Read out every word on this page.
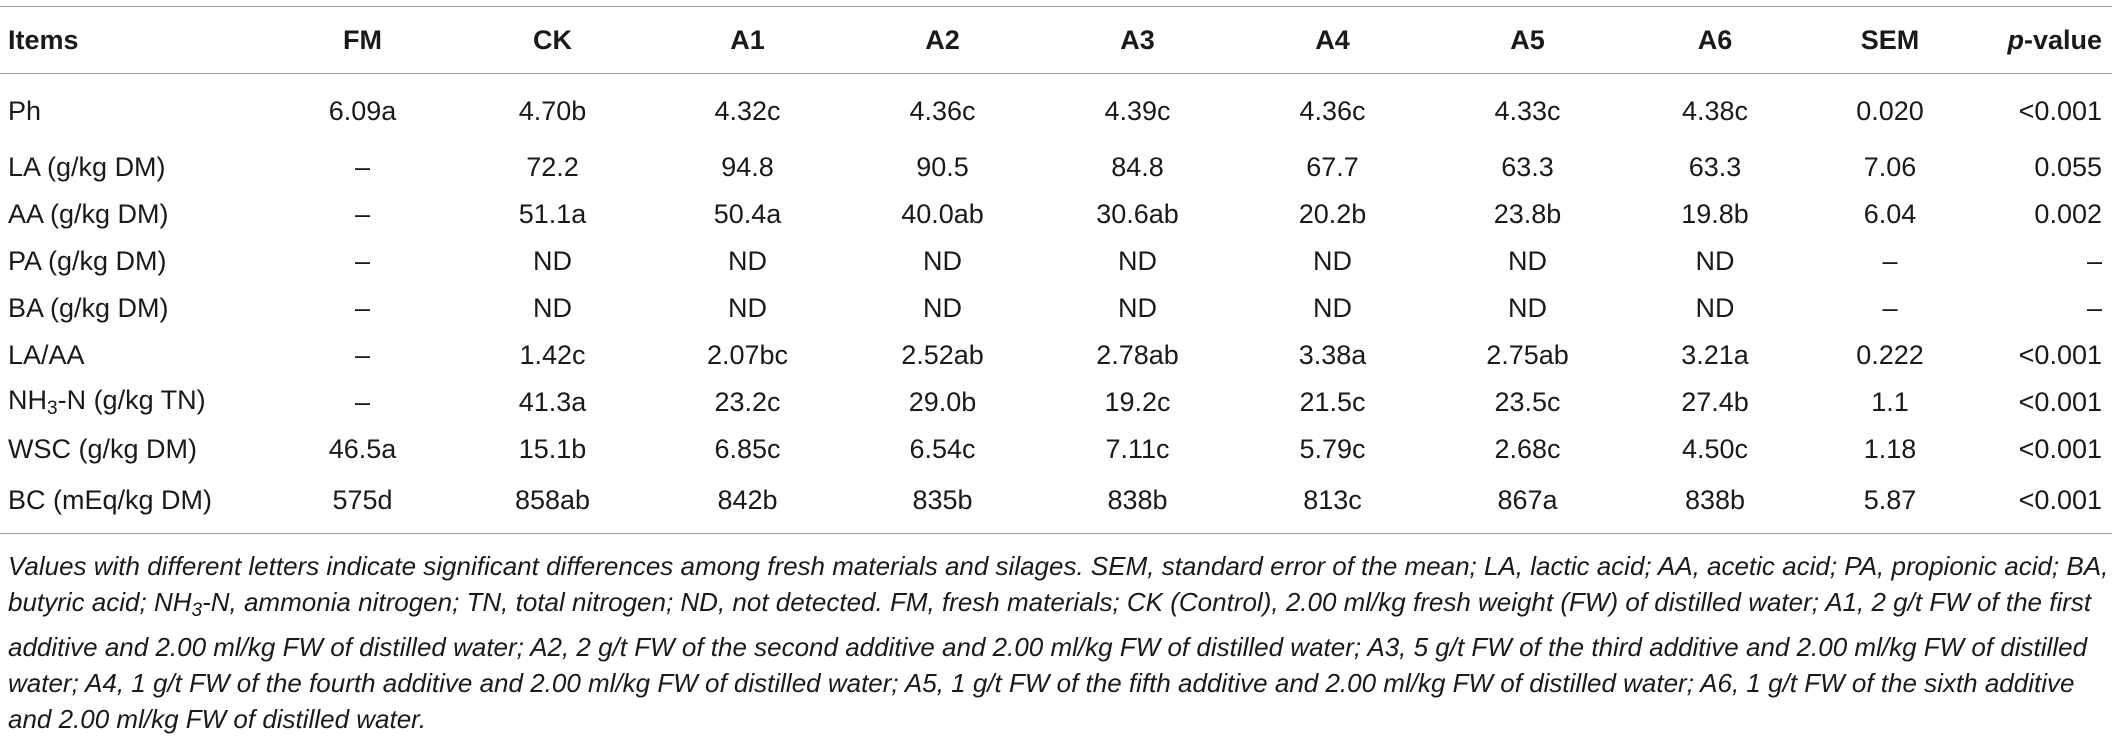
Items	FM	CK	A1	A2	A3	A4	A5	A6	SEM	p-value
Ph	6.09a	4.70b	4.32c	4.36c	4.39c	4.36c	4.33c	4.38c	0.020	<0.001
LA (g/kg DM)	–	72.2	94.8	90.5	84.8	67.7	63.3	63.3	7.06	0.055
AA (g/kg DM)	–	51.1a	50.4a	40.0ab	30.6ab	20.2b	23.8b	19.8b	6.04	0.002
PA (g/kg DM)	–	ND	ND	ND	ND	ND	ND	ND	–	–
BA (g/kg DM)	–	ND	ND	ND	ND	ND	ND	ND	–	–
LA/AA	–	1.42c	2.07bc	2.52ab	2.78ab	3.38a	2.75ab	3.21a	0.222	<0.001
$NH_3-N$ (g/kg TN)	–	41.3a	23.2c	29.0b	19.2c	21.5c	23.5c	27.4b	1.1	<0.001
WSC (g/kg DM)	46.5a	15.1b	6.85c	6.54c	7.11c	5.79c	2.68c	4.50c	1.18	<0.001
BC (mEq/kg DM)	575d	858ab	842b	835b	838b	813c	867a	838b	5.87	<0.001
Values with different letters indicate significant differences among fresh materials and silages. SEM, standard error of the mean; LA, lactic acid; AA, acetic acid; PA, propionic acid; BA, butyric acid; $NH_3-N$, ammonia nitrogen; TN, total nitrogen; ND, not detected. FM, fresh materials; CK (Control), 2.00 ml/kg fresh weight (FW) of distilled water; A1, 2 g/t FW of the first additive and 2.00 ml/kg FW of distilled water; A2, 2 g/t FW of the second additive and 2.00 ml/kg FW of distilled water; A3, 5 g/t FW of the third additive and 2.00 ml/kg FW of distilled water; A4, 1 g/t FW of the fourth additive and 2.00 ml/kg FW of distilled water; A5, 1 g/t FW of the fifth additive and 2.00 ml/kg FW of distilled water; A6, 1 g/t FW of the sixth additive and 2.00 ml/kg FW of distilled water.
